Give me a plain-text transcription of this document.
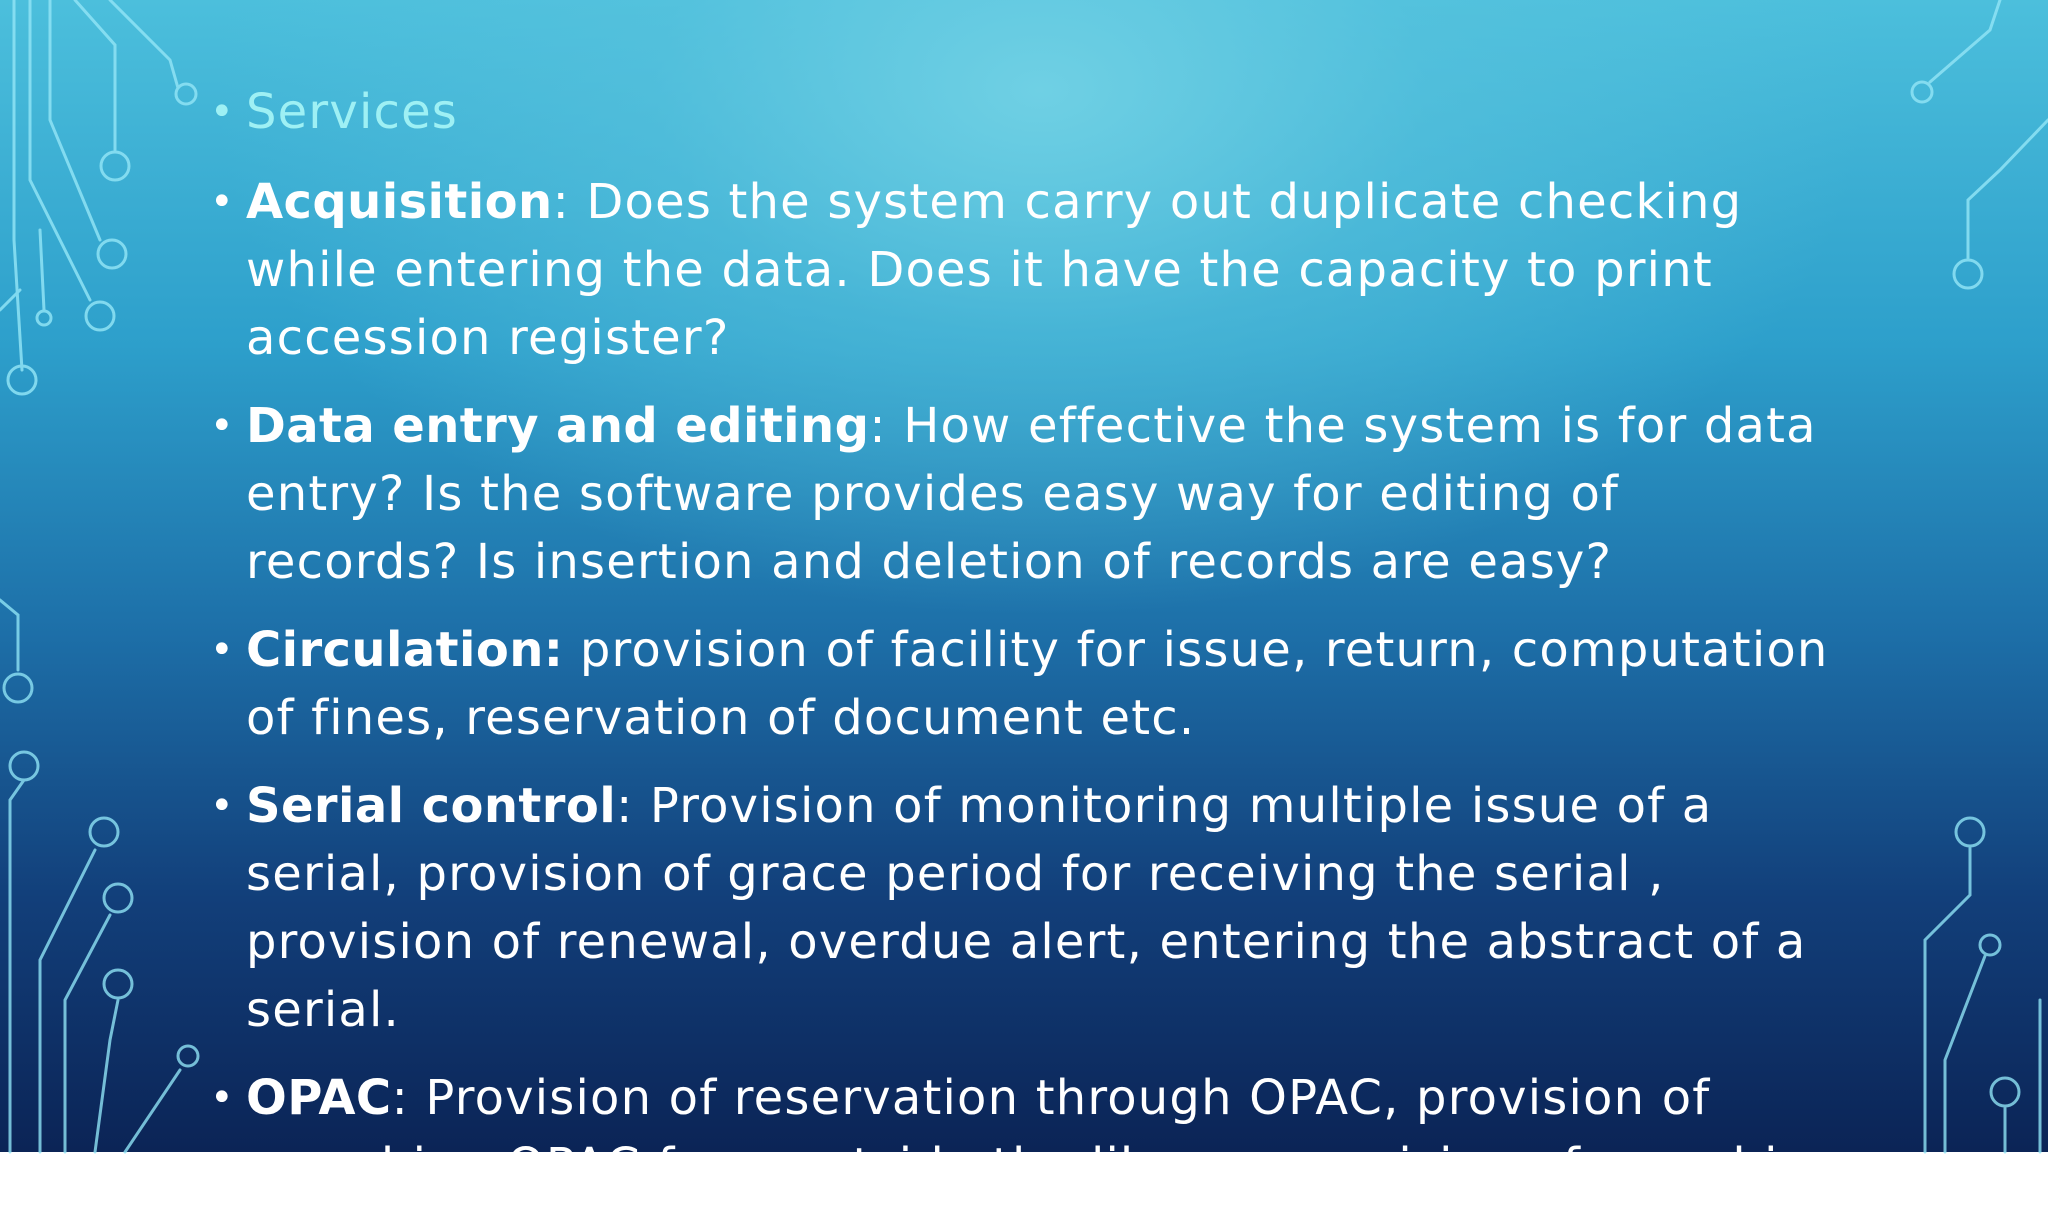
• Services
• Acquisition: Does the system carry out duplicate checking while entering the data. Does it have the capacity to print accession register?
• Data entry and editing: How effective the system is for data entry? Is the software provides easy way for editing of records? Is insertion and deletion of records are easy?
• Circulation: provision of facility for issue, return, computation of fines, reservation of document etc.
• Serial control: Provision of monitoring multiple issue of a serial, provision of grace period for receiving the serial , provision of renewal, overdue alert, entering the abstract of a serial.
• OPAC: Provision of reservation through OPAC, provision of searching OPAC from outside the library, provision of searching
